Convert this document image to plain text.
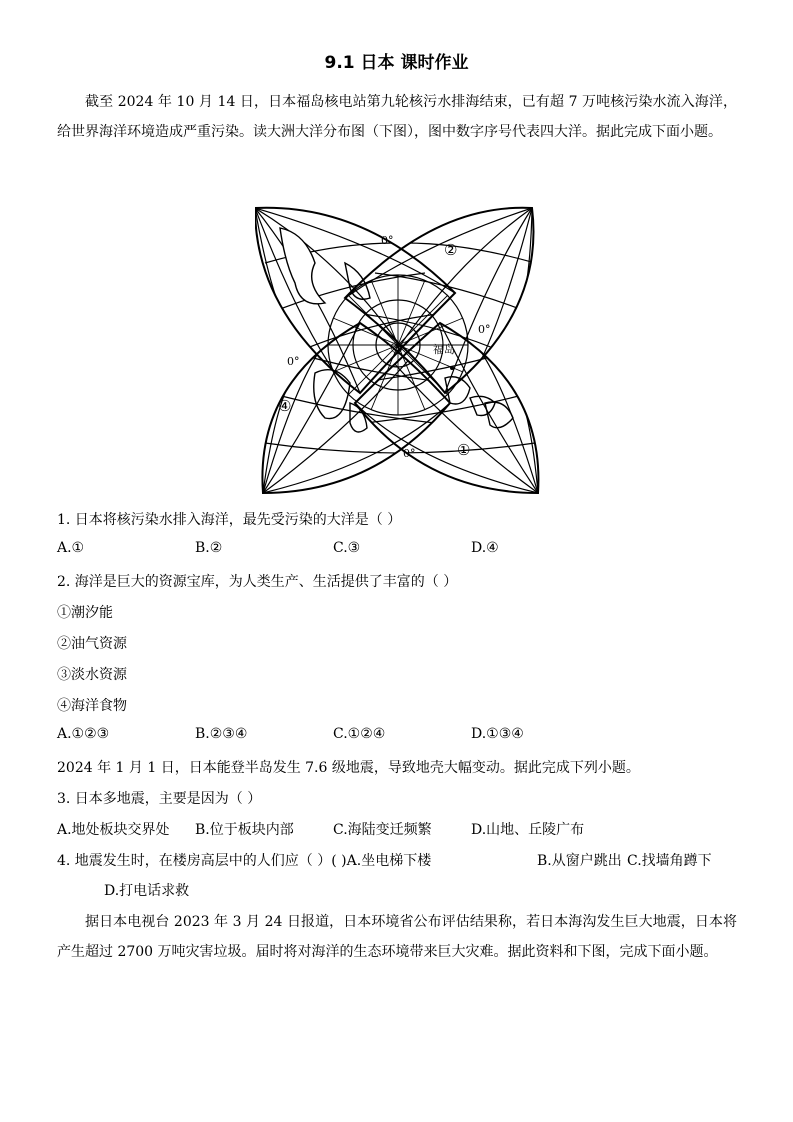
9.1 日本 课时作业
截至 2024 年 10 月 14 日，日本福岛核电站第九轮核污水排海结束，已有超 7 万吨核污染水流入海洋，给世界海洋环境造成严重污染。读大洲大洋分布图（下图），图中数字序号代表四大洋。据此完成下面小题。
②
③
④
①
福岛
0°
0°
0°
0°
1. 日本将核污染水排入海洋，最先受污染的大洋是（ ）
A.①	B.②	C.③	D.④
2. 海洋是巨大的资源宝库，为人类生产、生活提供了丰富的（ ）
①潮汐能
②油气资源
③淡水资源
④海洋食物
A.①②③	B.②③④	C.①②④	D.①③④
2024 年 1 月 1 日，日本能登半岛发生 7.6 级地震，导致地壳大幅变动。据此完成下列小题。
3. 日本多地震，主要是因为（ ）
A.地处板块交界处 B.位于板块内部	C.海陆变迁频繁	D.山地、丘陵广布
4. 地震发生时，在楼房高层中的人们应（ ）( )A.坐电梯下楼	B.从窗户跳出 C.找墙角蹲下
D.打电话求救
据日本电视台 2023 年 3 月 24 日报道，日本环境省公布评估结果称，若日本海沟发生巨大地震，日本将产生超过 2700 万吨灾害垃圾。届时将对海洋的生态环境带来巨大灾难。据此资料和下图，完成下面小题。
